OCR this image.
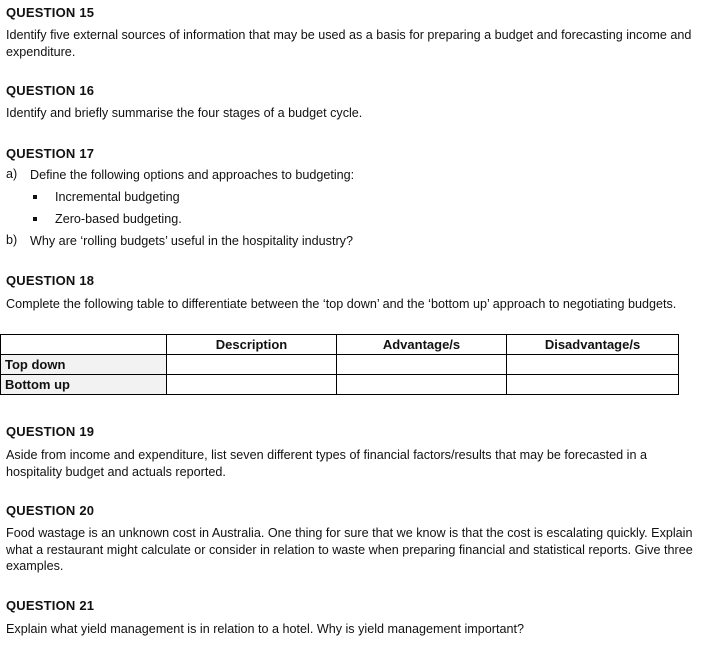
QUESTION 15
Identify five external sources of information that may be used as a basis for preparing a budget and forecasting income and expenditure.
QUESTION 16
Identify and briefly summarise the four stages of a budget cycle.
QUESTION 17
a) Define the following options and approaches to budgeting:
Incremental budgeting
Zero-based budgeting.
b) Why are ‘rolling budgets’ useful in the hospitality industry?
QUESTION 18
Complete the following table to differentiate between the ‘top down’ and the ‘bottom up’ approach to negotiating budgets.
	Description	Advantage/s	Disadvantage/s
Top down			
Bottom up			
QUESTION 19
Aside from income and expenditure, list seven different types of financial factors/results that may be forecasted in a hospitality budget and actuals reported.
QUESTION 20
Food wastage is an unknown cost in Australia. One thing for sure that we know is that the cost is escalating quickly. Explain what a restaurant might calculate or consider in relation to waste when preparing financial and statistical reports. Give three examples.
QUESTION 21
Explain what yield management is in relation to a hotel. Why is yield management important?
